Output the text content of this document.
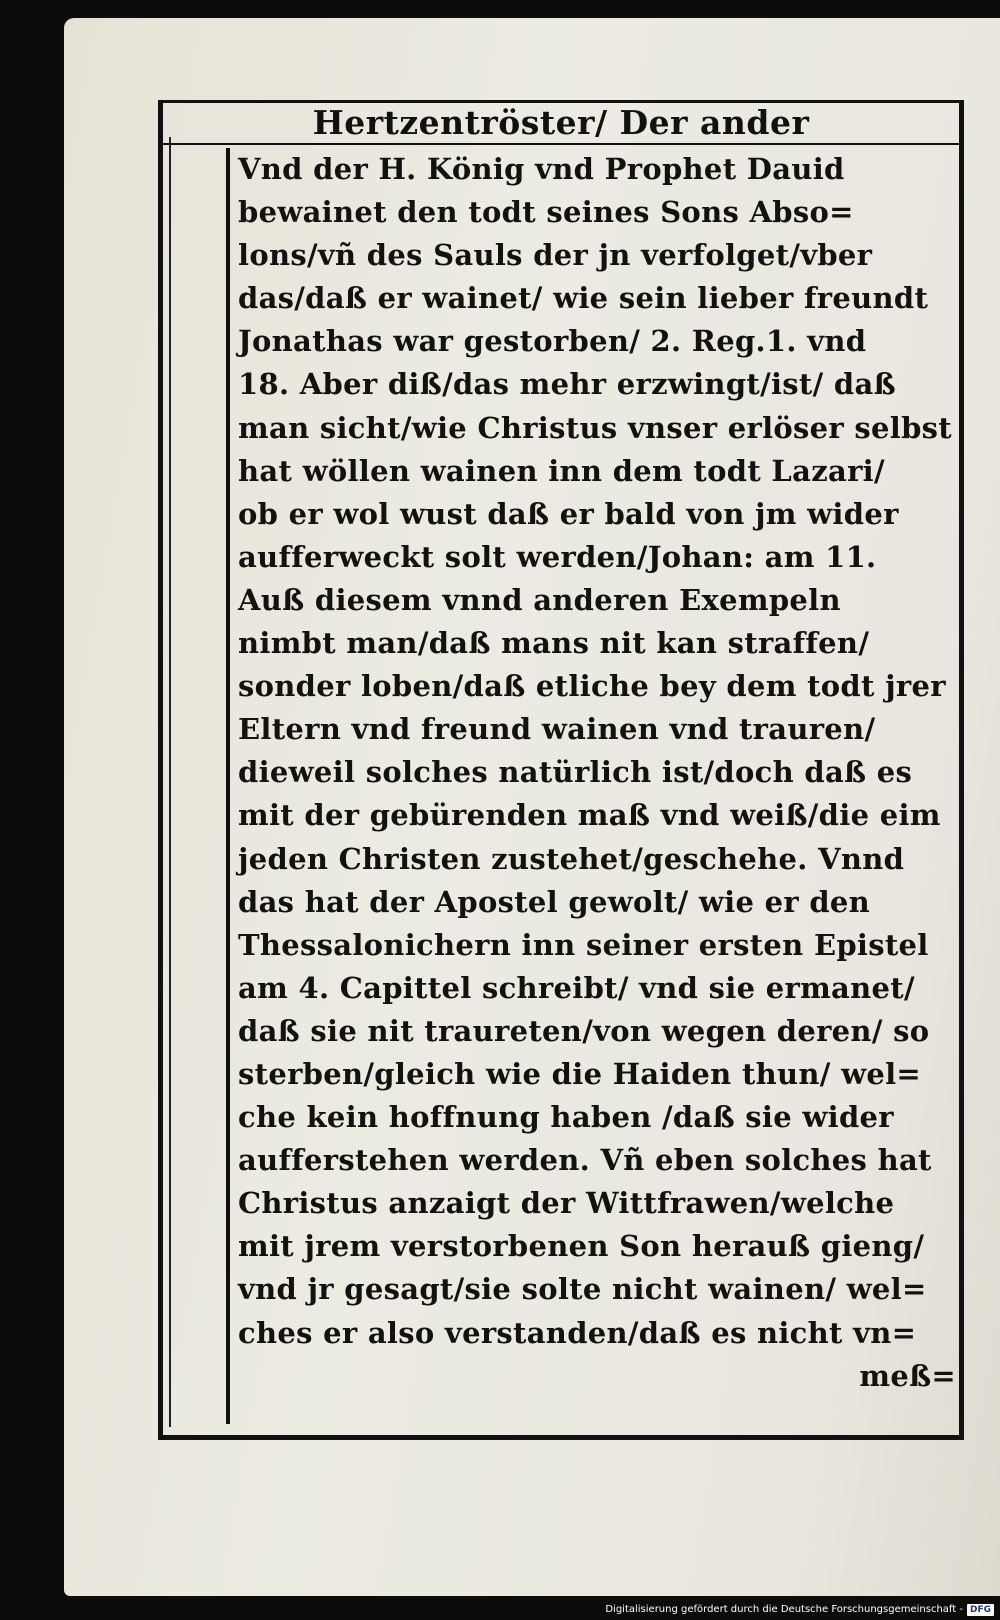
Hertzentröster/ Der ander
Vnd der H. König vnd Prophet Dauid
bewainet den todt seines Sons Abso=
lons/vñ des Sauls der jn verfolget/vber
das/daß er wainet/ wie sein lieber freundt
Jonathas war gestorben/ 2. Reg.1. vnd
18. Aber diß/das mehr erzwingt/ist/ daß
man sicht/wie Christus vnser erlöser selbst
hat wöllen wainen inn dem todt Lazari/
ob er wol wust daß er bald von jm wider
aufferweckt solt werden/Johan: am 11.
Auß diesem vnnd anderen Exempeln
nimbt man/daß mans nit kan straffen/
sonder loben/daß etliche bey dem todt jrer
Eltern vnd freund wainen vnd trauren/
dieweil solches natürlich ist/doch daß es
mit der gebürenden maß vnd weiß/die eim
jeden Christen zustehet/geschehe. Vnnd
das hat der Apostel gewolt/ wie er den
Thessalonichern inn seiner ersten Epistel
am 4. Capittel schreibt/ vnd sie ermanet/
daß sie nit traureten/von wegen deren/ so
sterben/gleich wie die Haiden thun/ wel=
che kein hoffnung haben /daß sie wider
aufferstehen werden. Vñ eben solches hat
Christus anzaigt der Wittfrawen/welche
mit jrem verstorbenen Son herauß gieng/
vnd jr gesagt/sie solte nicht wainen/ wel=
ches er also verstanden/daß es nicht vn=
meß=
Digitalisierung gefördert durch die Deutsche Forschungsgemeinschaft - DFG
